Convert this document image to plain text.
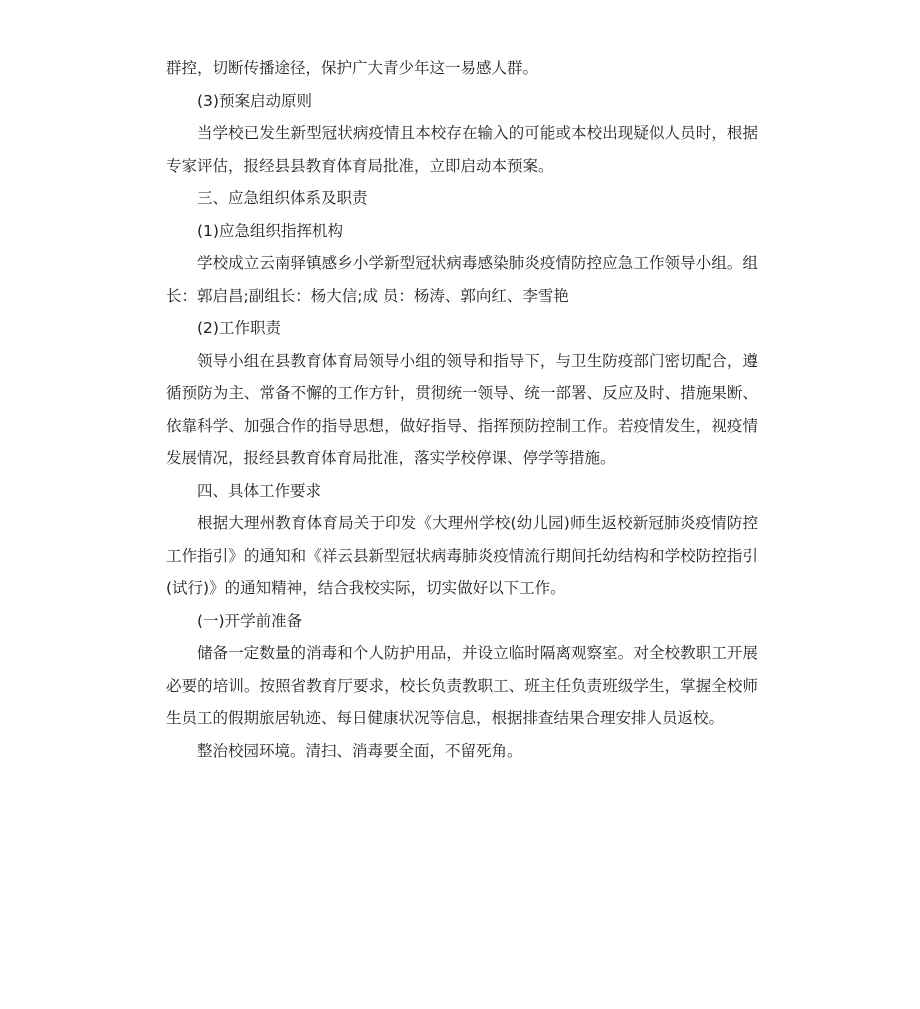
群控，切断传播途径，保护广大青少年这一易感人群。

(3)预案启动原则

当学校已发生新型冠状病疫情且本校存在输入的可能或本校出现疑似人员时，根据专家评估，报经县县教育体育局批准，立即启动本预案。

三、应急组织体系及职责

(1)应急组织指挥机构

学校成立云南驿镇感乡小学新型冠状病毒感染肺炎疫情防控应急工作领导小组。组 长：郭启昌;副组长：杨大信;成 员：杨涛、郭向红、李雪艳

(2)工作职责

领导小组在县教育体育局领导小组的领导和指导下，与卫生防疫部门密切配合，遵循预防为主、常备不懈的工作方针，贯彻统一领导、统一部署、反应及时、措施果断、依靠科学、加强合作的指导思想，做好指导、指挥预防控制工作。若疫情发生，视疫情发展情况，报经县教育体育局批准，落实学校停课、停学等措施。

四、具体工作要求

根据大理州教育体育局关于印发《大理州学校(幼儿园)师生返校新冠肺炎疫情防控工作指引》的通知和《祥云县新型冠状病毒肺炎疫情流行期间托幼结构和学校防控指引(试行)》的通知精神，结合我校实际，切实做好以下工作。

(一)开学前准备

储备一定数量的消毒和个人防护用品，并设立临时隔离观察室。对全校教职工开展必要的培训。按照省教育厅要求，校长负责教职工、班主任负责班级学生，掌握全校师生员工的假期旅居轨迹、每日健康状况等信息，根据排查结果合理安排人员返校。

整治校园环境。清扫、消毒要全面，不留死角。
